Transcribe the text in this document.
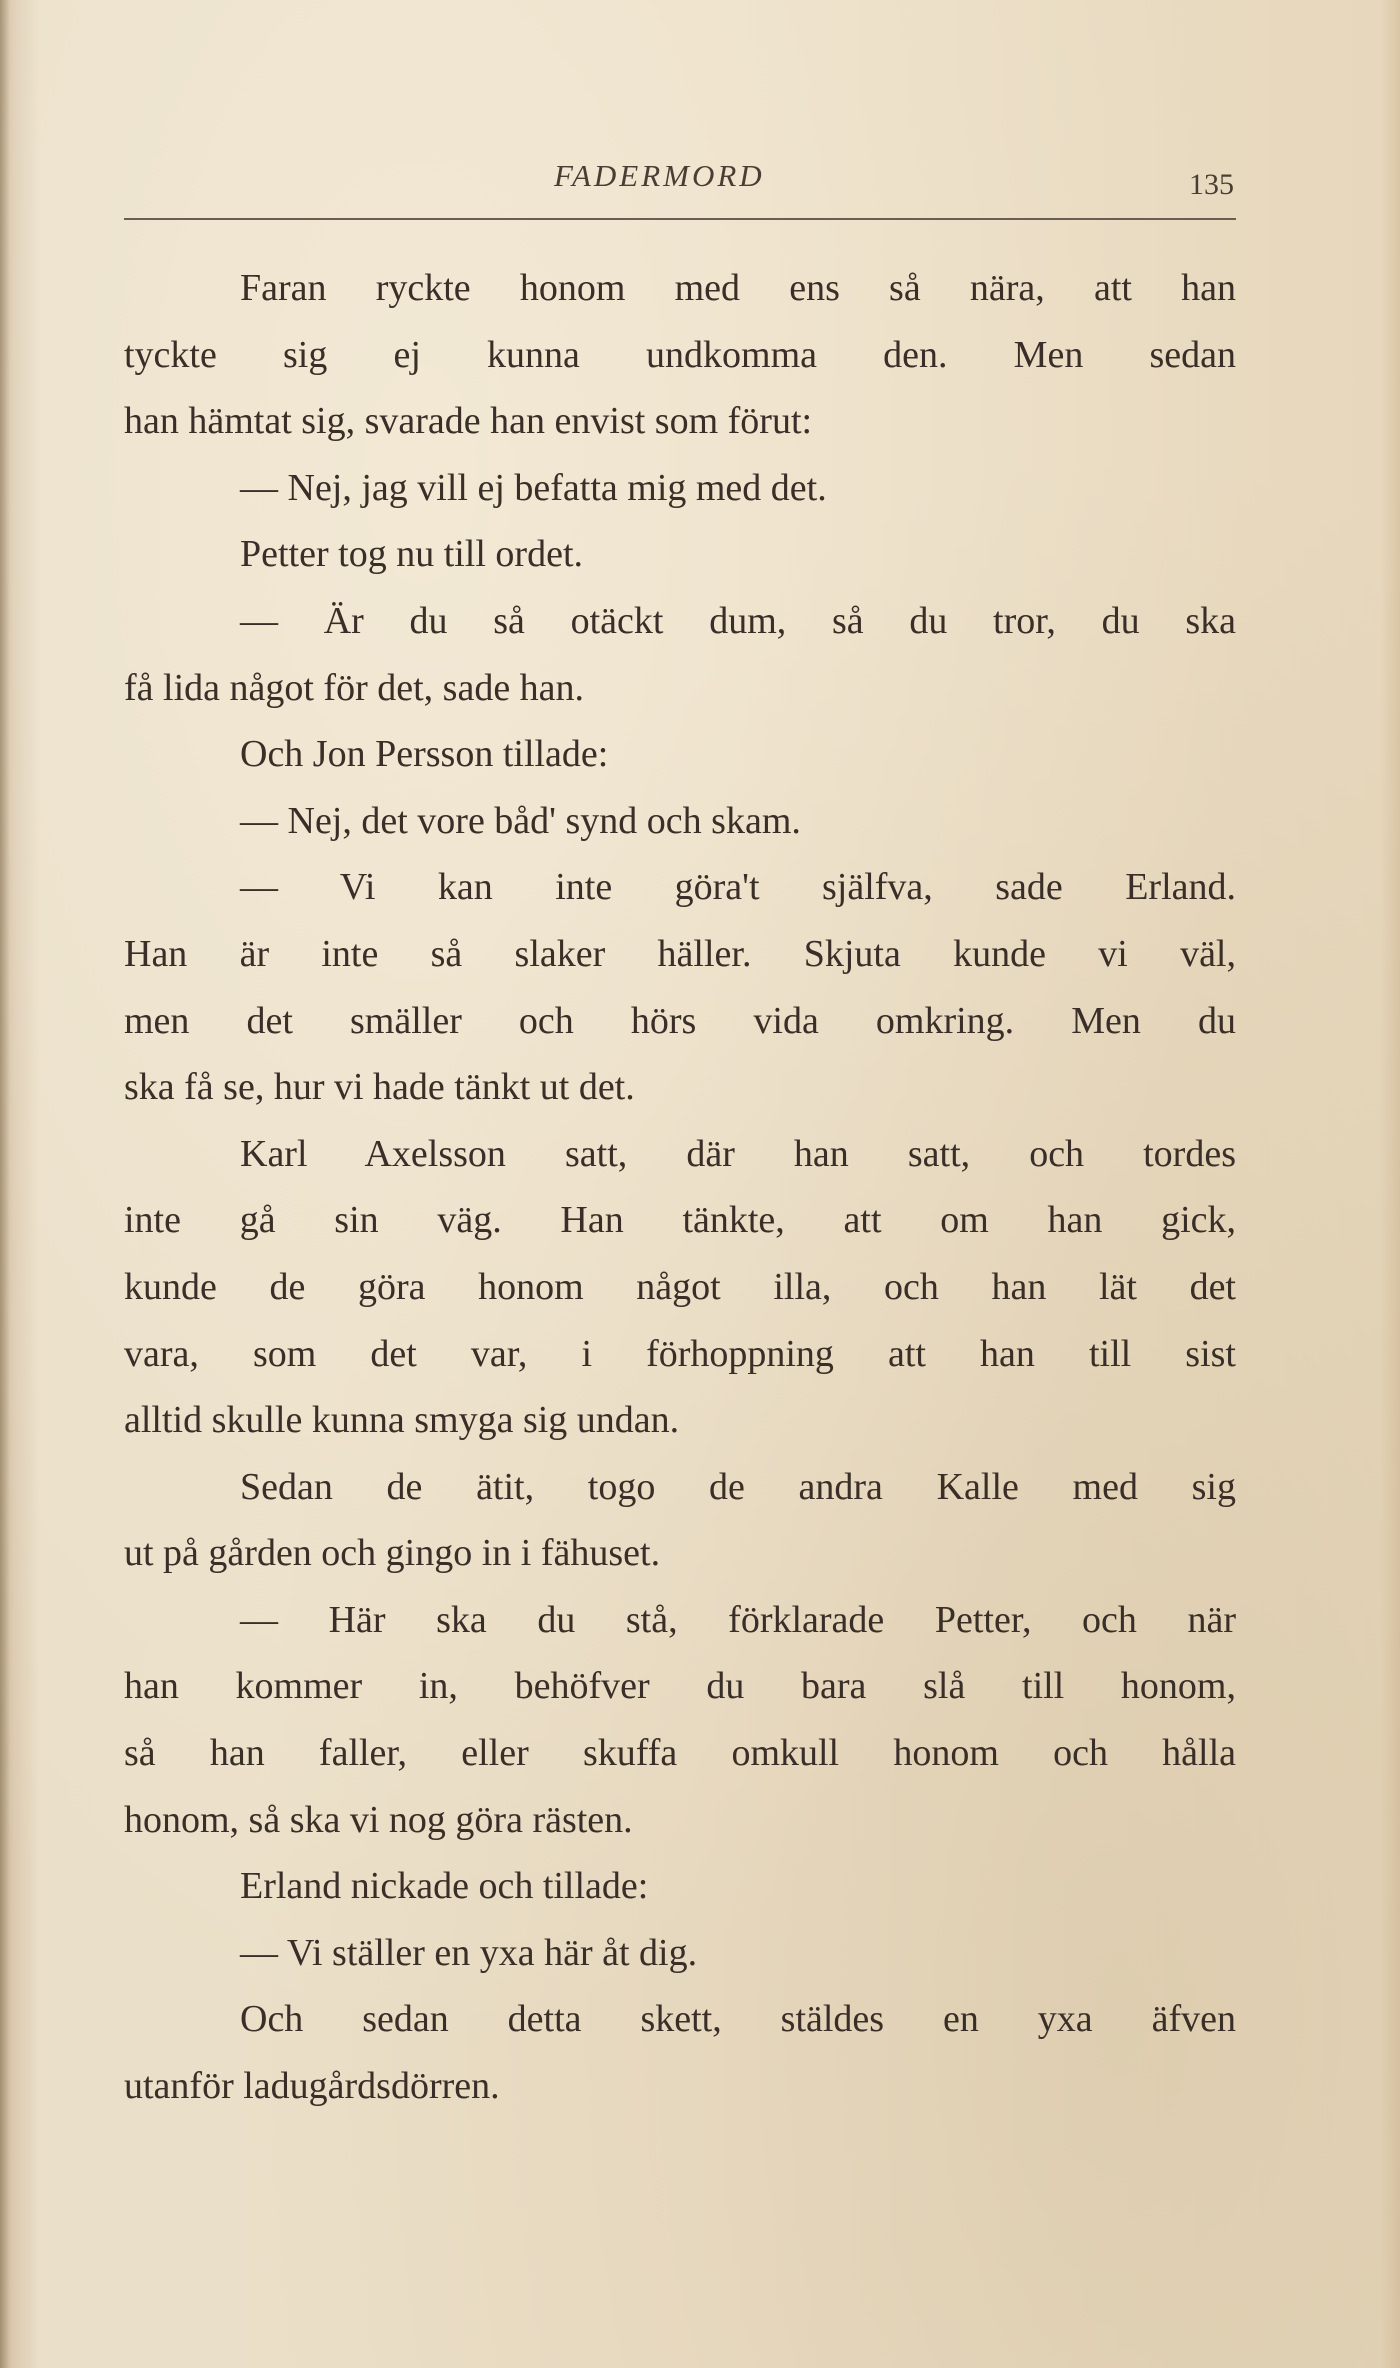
FADERMORD	135
Faran ryckte honom med ens så nära, att han
tyckte sig ej kunna undkomma den. Men sedan
han hämtat sig, svarade han envist som förut:
— Nej, jag vill ej befatta mig med det.
Petter tog nu till ordet.
— Är du så otäckt dum, så du tror, du ska
få lida något för det, sade han.
Och Jon Persson tillade:
— Nej, det vore båd' synd och skam.
— Vi kan inte göra't själfva, sade Erland.
Han är inte så slaker häller. Skjuta kunde vi väl,
men det smäller och hörs vida omkring. Men du
ska få se, hur vi hade tänkt ut det.
Karl Axelsson satt, där han satt, och tordes
inte gå sin väg. Han tänkte, att om han gick,
kunde de göra honom något illa, och han lät det
vara, som det var, i förhoppning att han till sist
alltid skulle kunna smyga sig undan.
Sedan de ätit, togo de andra Kalle med sig
ut på gården och gingo in i fähuset.
— Här ska du stå, förklarade Petter, och när
han kommer in, behöfver du bara slå till honom,
så han faller, eller skuffa omkull honom och hålla
honom, så ska vi nog göra rästen.
Erland nickade och tillade:
— Vi ställer en yxa här åt dig.
Och sedan detta skett, stäldes en yxa äfven
utanför ladugårdsdörren.
